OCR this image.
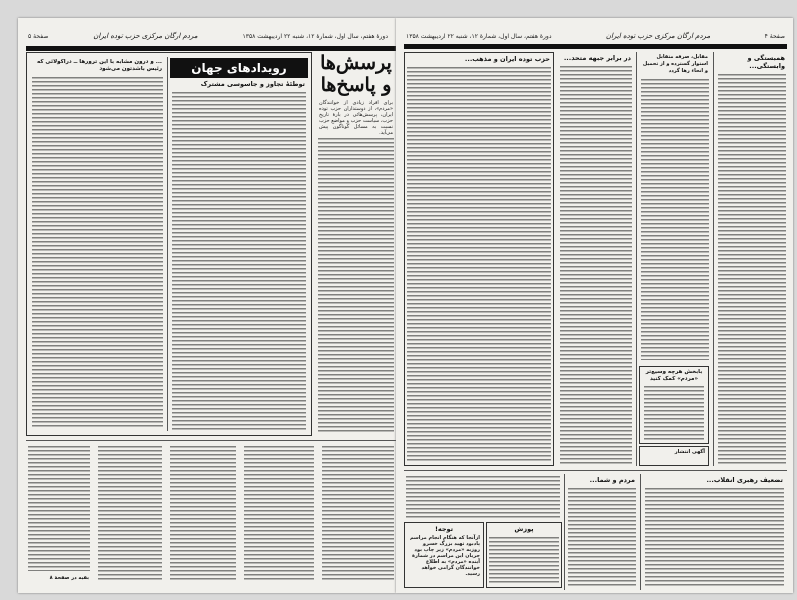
صفحهٔ ۵	مردم ارگان مرکزی حزب توده ایران	دورهٔ هفتم، سال اول، شمارهٔ ۱۲، شنبه ۲۲ اردیبهشت ۱۳۵۸
رویدادهای جهان
توطئهٔ تجاوز و جاسوسی مشترک
... و درون مشابه با این ترورها ــ دراکولائی که رئیس باشدتون می‌شود	پرسش‌ها
و پاسخ‌ها
برای افراد زیادی از خوانندگان «مردم»، از دوستداران حزب توده ایران، پرسش‌هائی در بارهٔ تاریخ حزب، سیاست حزب و مواضع حزب نسبت به مسائل گوناگون پیش می‌آید.
بقیه در صفحهٔ ۸
دورهٔ هفتم، سال اول، شمارهٔ ۱۲، شنبه ۲۲ اردیبهشت ۱۳۵۸	مردم ارگان مرکزی حزب توده ایران	صفحهٔ ۴
حزب توده ایران و مذهب...	در برابر جبهه متحد...	مقابل، صرفه متقابل استوار گسترده و از تحمیل و انحاء رها گردد
بابخش هرچه وسیع‌تر
«مردم» کمک کنید
آگهی انتشار
همبستگی و وابستگی...
توجه!
ازآنجا که هنگام انجام مراسم پادبود تهید بزرگ خسرو روزبه «مردم» زیر چاپ بود جریان این مراسم در شمارهٔ آینده «مردم» به اطلاع خوانندگان گرامی خواهد رسید.
پوزش
مردم و شما...	تضعیف رهبری انقلاب...
